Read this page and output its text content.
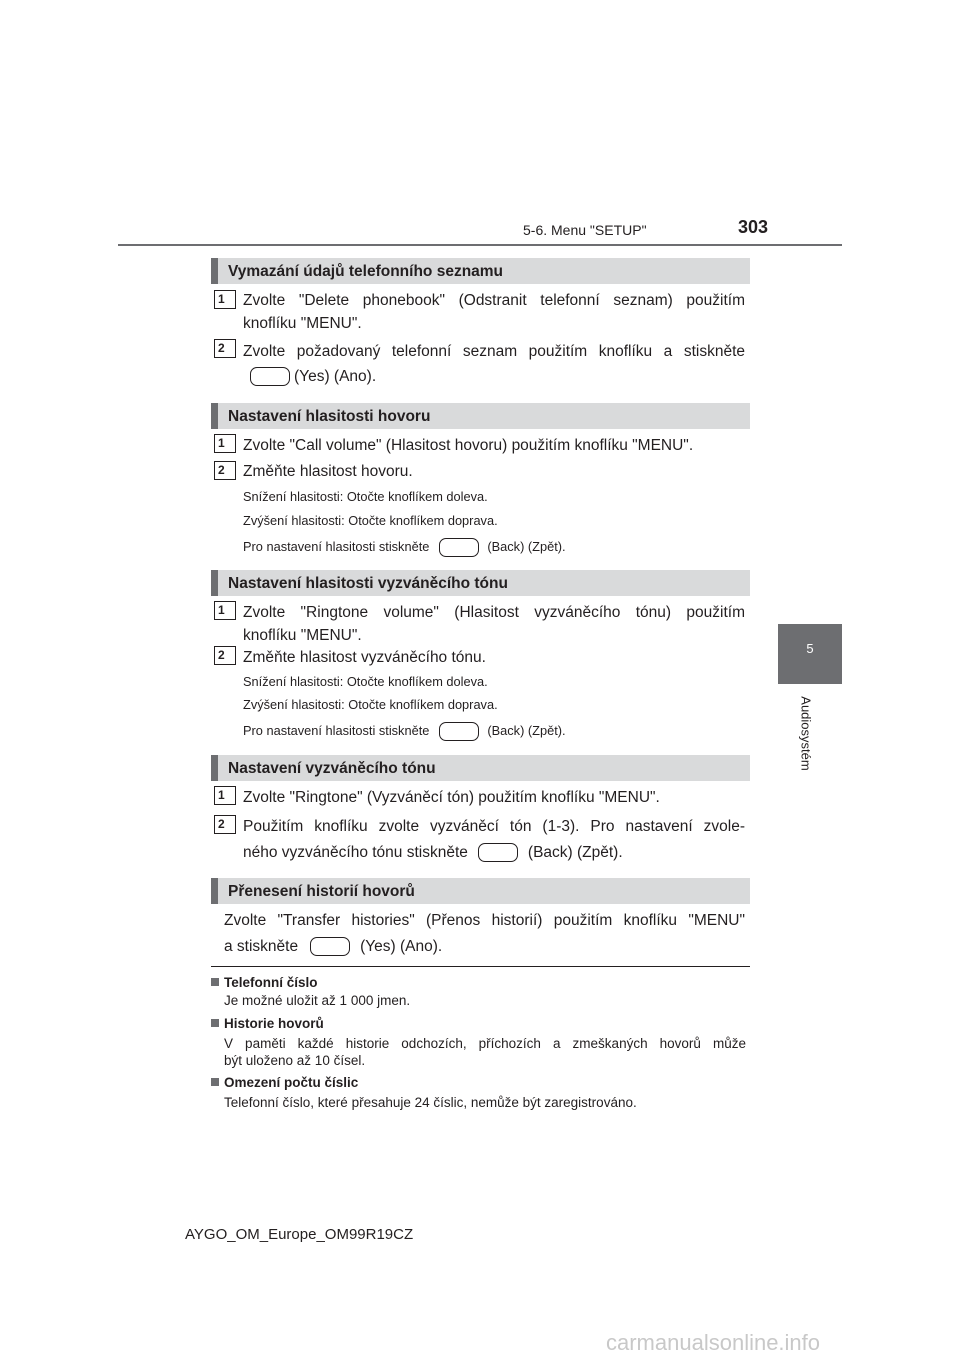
5-6. Menu "SETUP"	303
5
Audiosystém
Vymazání údajů telefonního seznamu
1	Zvolte "Delete phonebook" (Odstranit telefonní seznam) použitím
knoflíku "MENU".
2	Zvolte požadovaný telefonní seznam použitím knoflíku a stiskněte
(Yes) (Ano).
Nastavení hlasitosti hovoru
1	Zvolte "Call volume" (Hlasitost hovoru) použitím knoflíku "MENU".
2	Změňte hlasitost hovoru.
Snížení hlasitosti: Otočte knoflíkem doleva.
Zvýšení hlasitosti: Otočte knoflíkem doprava.
Pro nastavení hlasitosti stiskněte	(Back) (Zpět).
Nastavení hlasitosti vyzváněcího tónu
1	Zvolte "Ringtone volume" (Hlasitost vyzváněcího tónu) použitím
knoflíku "MENU".
2	Změňte hlasitost vyzváněcího tónu.
Snížení hlasitosti: Otočte knoflíkem doleva.
Zvýšení hlasitosti: Otočte knoflíkem doprava.
Pro nastavení hlasitosti stiskněte	(Back) (Zpět).
Nastavení vyzváněcího tónu
1	Zvolte "Ringtone" (Vyzváněcí tón) použitím knoflíku "MENU".
2	Použitím knoflíku zvolte vyzváněcí tón (1-3). Pro nastavení zvole-
ného vyzváněcího tónu stiskněte	(Back) (Zpět).
Přenesení historií hovorů
Zvolte "Transfer histories" (Přenos historií) použitím knoflíku "MENU"
a stiskněte	(Yes) (Ano).
Telefonní číslo
Je možné uložit až 1 000 jmen.
Historie hovorů
V paměti každé historie odchozích, příchozích a zmeškaných hovorů může
být uloženo až 10 čísel.
Omezení počtu číslic
Telefonní číslo, které přesahuje 24 číslic, nemůže být zaregistrováno.
AYGO_OM_Europe_OM99R19CZ
carmanualsonline.info
